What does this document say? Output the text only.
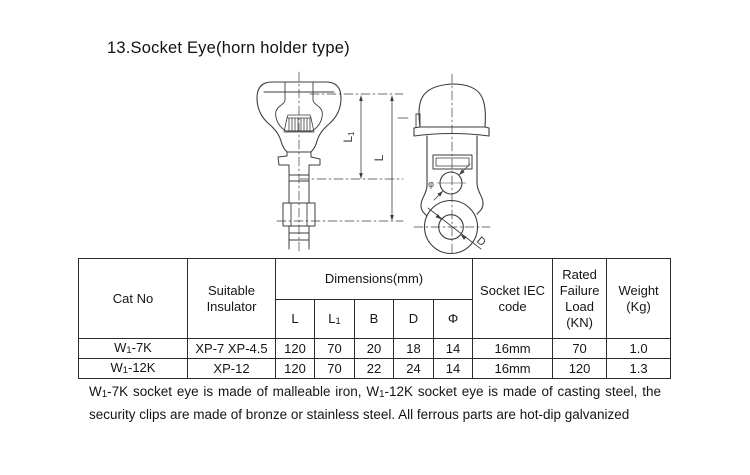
13.Socket Eye(horn holder type)
L1
L
φ
D
Cat No	Suitable Insulator	Dimensions(mm)					Socket IEC code	Rated Failure Load (KN)	Weight (Kg)
		L	L1	B	D	Φ			
W1-7K	XP-7 XP-4.5	120	70	20	18	14	16mm	70	1.0
W1-12K	XP-12	120	70	22	24	14	16mm	120	1.3
W1-7K socket eye is made of malleable iron, W1-12K socket eye is made of casting steel, the security clips are made of bronze or stainless steel. All ferrous parts are hot-dip galvanized
